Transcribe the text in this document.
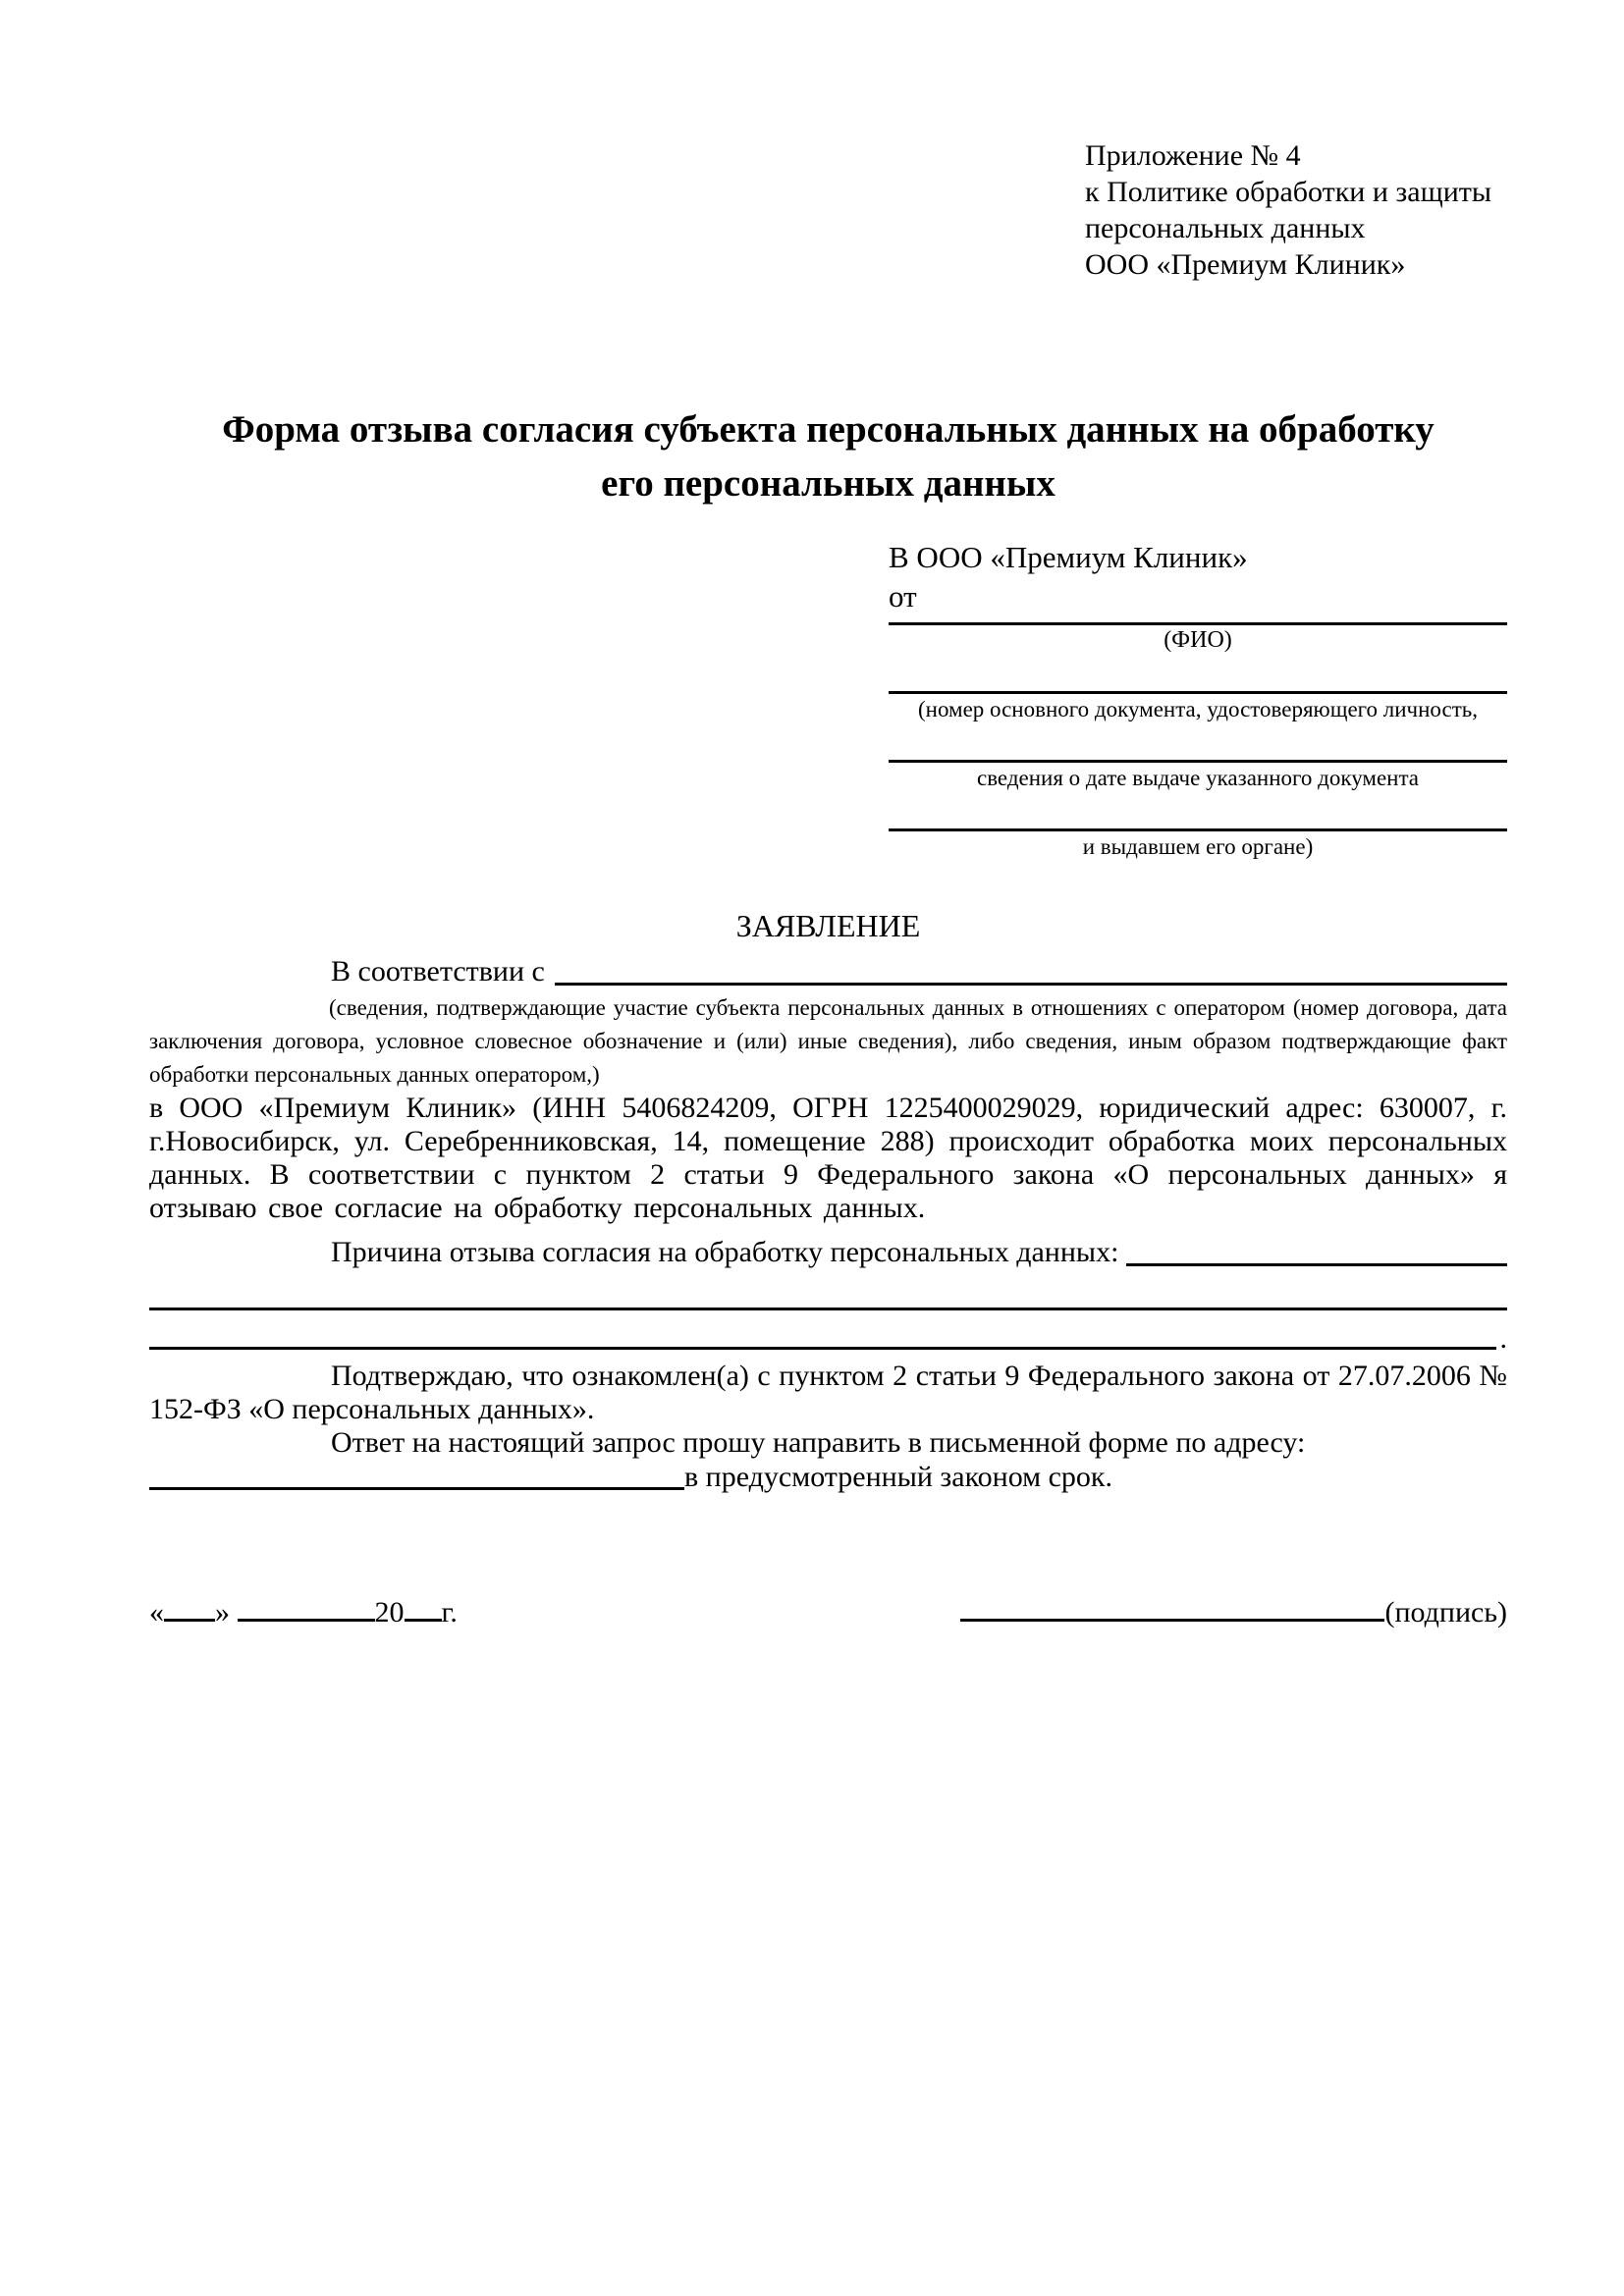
Приложение № 4
к Политике обработки и защиты
персональных данных
ООО «Премиум Клиник»
Форма отзыва согласия субъекта персональных данных на обработку
его персональных данных
В ООО «Премиум Клиник»
от
(ФИО)
(номер основного документа, удостоверяющего личность,
сведения о дате выдаче указанного документа
и выдавшем его органе)
ЗАЯВЛЕНИЕ
В соответствии с

(сведения, подтверждающие участие субъекта персональных данных в отношениях с оператором (номер договора, дата заключения договора, условное словесное обозначение и (или) иные сведения), либо сведения, иным образом подтверждающие факт обработки персональных данных оператором,)

в ООО «Премиум Клиник» (ИНН 5406824209, ОГРН 1225400029029, юридический адрес: 630007, г. г.Новосибирск, ул. Серебренниковская, 14, помещение 288) происходит обработка моих персональных данных. В соответствии с пунктом 2 статьи 9 Федерального закона «О персональных данных» я отзываю свое согласие на обработку персональных данных.

Причина отзыва согласия на обработку персональных данных:
.

Подтверждаю, что ознакомлен(а) с пунктом 2 статьи 9 Федерального закона от 27.07.2006 № 152-ФЗ «О персональных данных».

Ответ на настоящий запрос прошу направить в письменной форме по адресу:

в предусмотренный законом срок.
« »	20 г.	(подпись)
